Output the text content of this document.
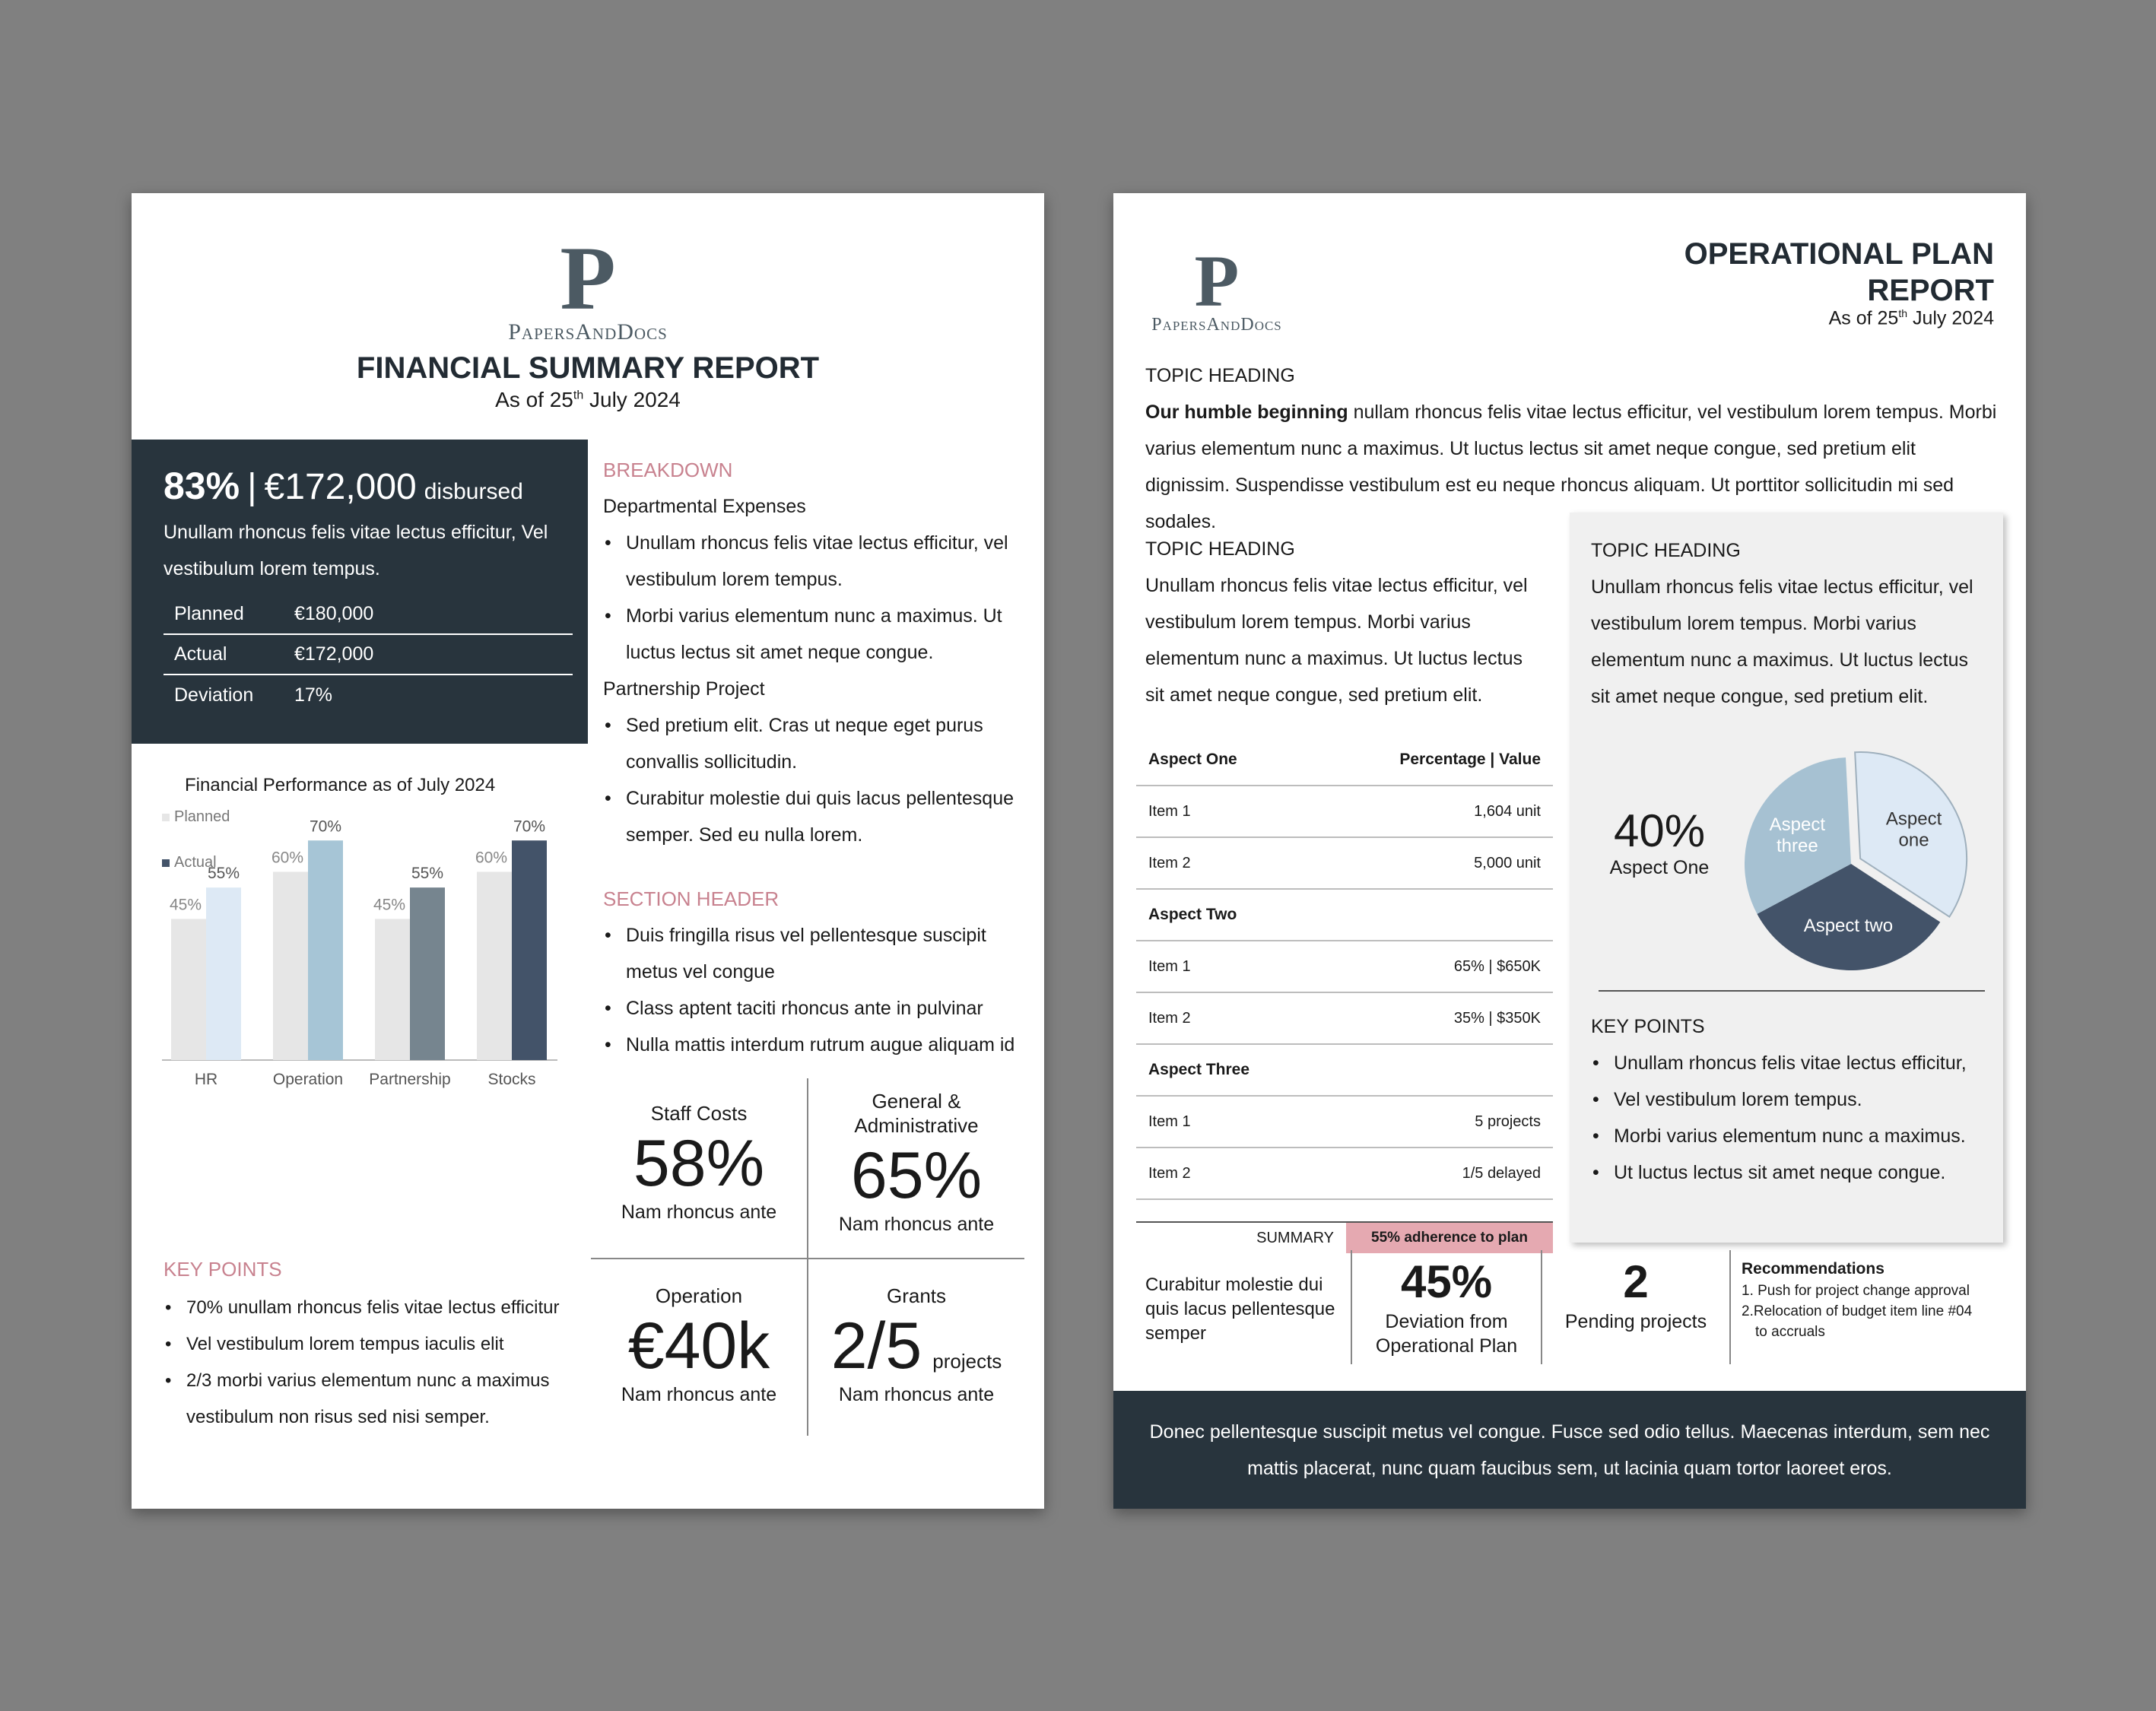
P
PapersAndDocs
FINANCIAL SUMMARY REPORT
As of 25th July 2024
83% | €172,000 disbursed
Unullam rhoncus felis vitae lectus efficitur, Vel vestibulum lorem tempus.
Planned	€180,000
Actual	€172,000
Deviation	17%
Financial Performance as of July 2024
Planned
Actual
45%
55%
HR
60%
70%
Operation
45%
55%
Partnership
60%
70%
Stocks
KEY POINTS
• 70% unullam rhoncus felis vitae lectus efficitur
• Vel vestibulum lorem tempus iaculis elit
• 2/3 morbi varius elementum nunc a maximus vestibulum non risus sed nisi semper.
BREAKDOWN
Departmental Expenses
• Unullam rhoncus felis vitae lectus efficitur, vel vestibulum lorem tempus.
• Morbi varius elementum nunc a maximus. Ut luctus lectus sit amet neque congue.
Partnership Project
• Sed pretium elit. Cras ut neque eget purus convallis sollicitudin.
• Curabitur molestie dui quis lacus pellentesque semper. Sed eu nulla lorem.
SECTION HEADER
• Duis fringilla risus vel pellentesque suscipit metus vel congue
• Class aptent taciti rhoncus ante in pulvinar
• Nulla mattis interdum rutrum augue aliquam id
Staff Costs
58%
Nam rhoncus ante
General & Administrative
65%
Nam rhoncus ante
Operation
€40k
Nam rhoncus ante
Grants
2/5 projects
Nam rhoncus ante
P
PapersAndDocs
OPERATIONAL PLAN
REPORT
As of 25th July 2024
TOPIC HEADING
Our humble beginning nullam rhoncus felis vitae lectus efficitur, vel vestibulum lorem tempus. Morbi varius elementum nunc a maximus. Ut luctus lectus sit amet neque congue, sed pretium elit dignissim. Suspendisse vestibulum est eu neque rhoncus aliquam. Ut porttitor sollicitudin mi sed sodales.
TOPIC HEADING
Unullam rhoncus felis vitae lectus efficitur, vel vestibulum lorem tempus. Morbi varius elementum nunc a maximus. Ut luctus lectus sit amet neque congue, sed pretium elit.
Aspect One	Percentage | Value
Item 1	1,604 unit
Item 2	5,000 unit
Aspect Two
Item 1	65% | $650K
Item 2	35% | $350K
Aspect Three
Item 1	5 projects
Item 2	1/5 delayed
SUMMARY	55% adherence to plan
TOPIC HEADING
Unullam rhoncus felis vitae lectus efficitur, vel vestibulum lorem tempus. Morbi varius elementum nunc a maximus. Ut luctus lectus sit amet neque congue, sed pretium elit.
40%
Aspect One
Aspect
one
Aspect two
Aspect
three
KEY POINTS
• Unullam rhoncus felis vitae lectus efficitur,
• Vel vestibulum lorem tempus.
• Morbi varius elementum nunc a maximus.
• Ut luctus lectus sit amet neque congue.
Curabitur molestie dui quis lacus pellentesque semper
45%
Deviation from Operational Plan
2
Pending projects
Recommendations
1. Push for project change approval
2.Relocation of budget item line #04
to accruals
Donec pellentesque suscipit metus vel congue. Fusce sed odio tellus. Maecenas interdum, sem nec mattis placerat, nunc quam faucibus sem, ut lacinia quam tortor laoreet eros.
